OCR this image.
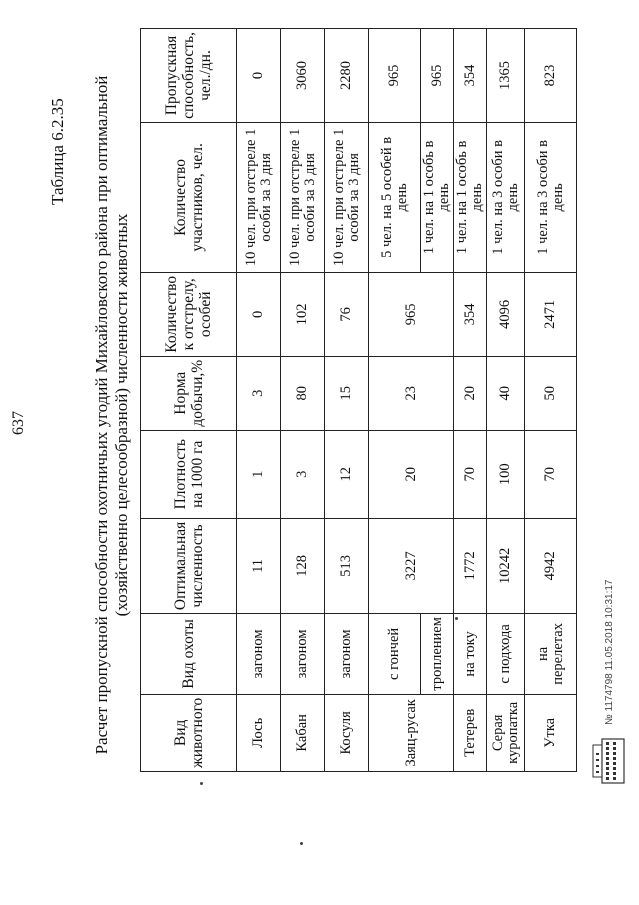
637
Таблица 6.2.35 Расчет пропускной способности охотничьих угодий Михайловского района при оптимальной (хозяйственно целесообразной) численности животных
Вид животного	Вид охоты	Оптимальная численность	Плотность на 1000 га	Норма добычи,%	Количество к отстрелу, особей	Количество участников, чел.	Пропускная способность, чел./дн.

Лось	загоном	11	1	3	0	10 чел. при отстреле 1 особи за 3 дня	0
Кабан	загоном	128	3	80	102	10 чел. при отстреле 1 особи за 3 дня	3060
Косуля	загоном	513	12	15	76	10 чел. при отстреле 1 особи за 3 дня	2280
Заяц-русак	с гончей	3227	20	23	965	5 чел. на 5 особей в день	965
	троплением					1 чел. на 1 особь в день	965
Тетерев	на току	1772	70	20	354	1 чел. на 1 особь в день	354
Серая куропатка	с подхода	10242	100	40	4096	1 чел. на 3 особи в день	1365
Утка	на перелетах	4942	70	50	2471	1 чел. на 3 особи в день	823
№ 1174798 11.05.2018 10:31:17
